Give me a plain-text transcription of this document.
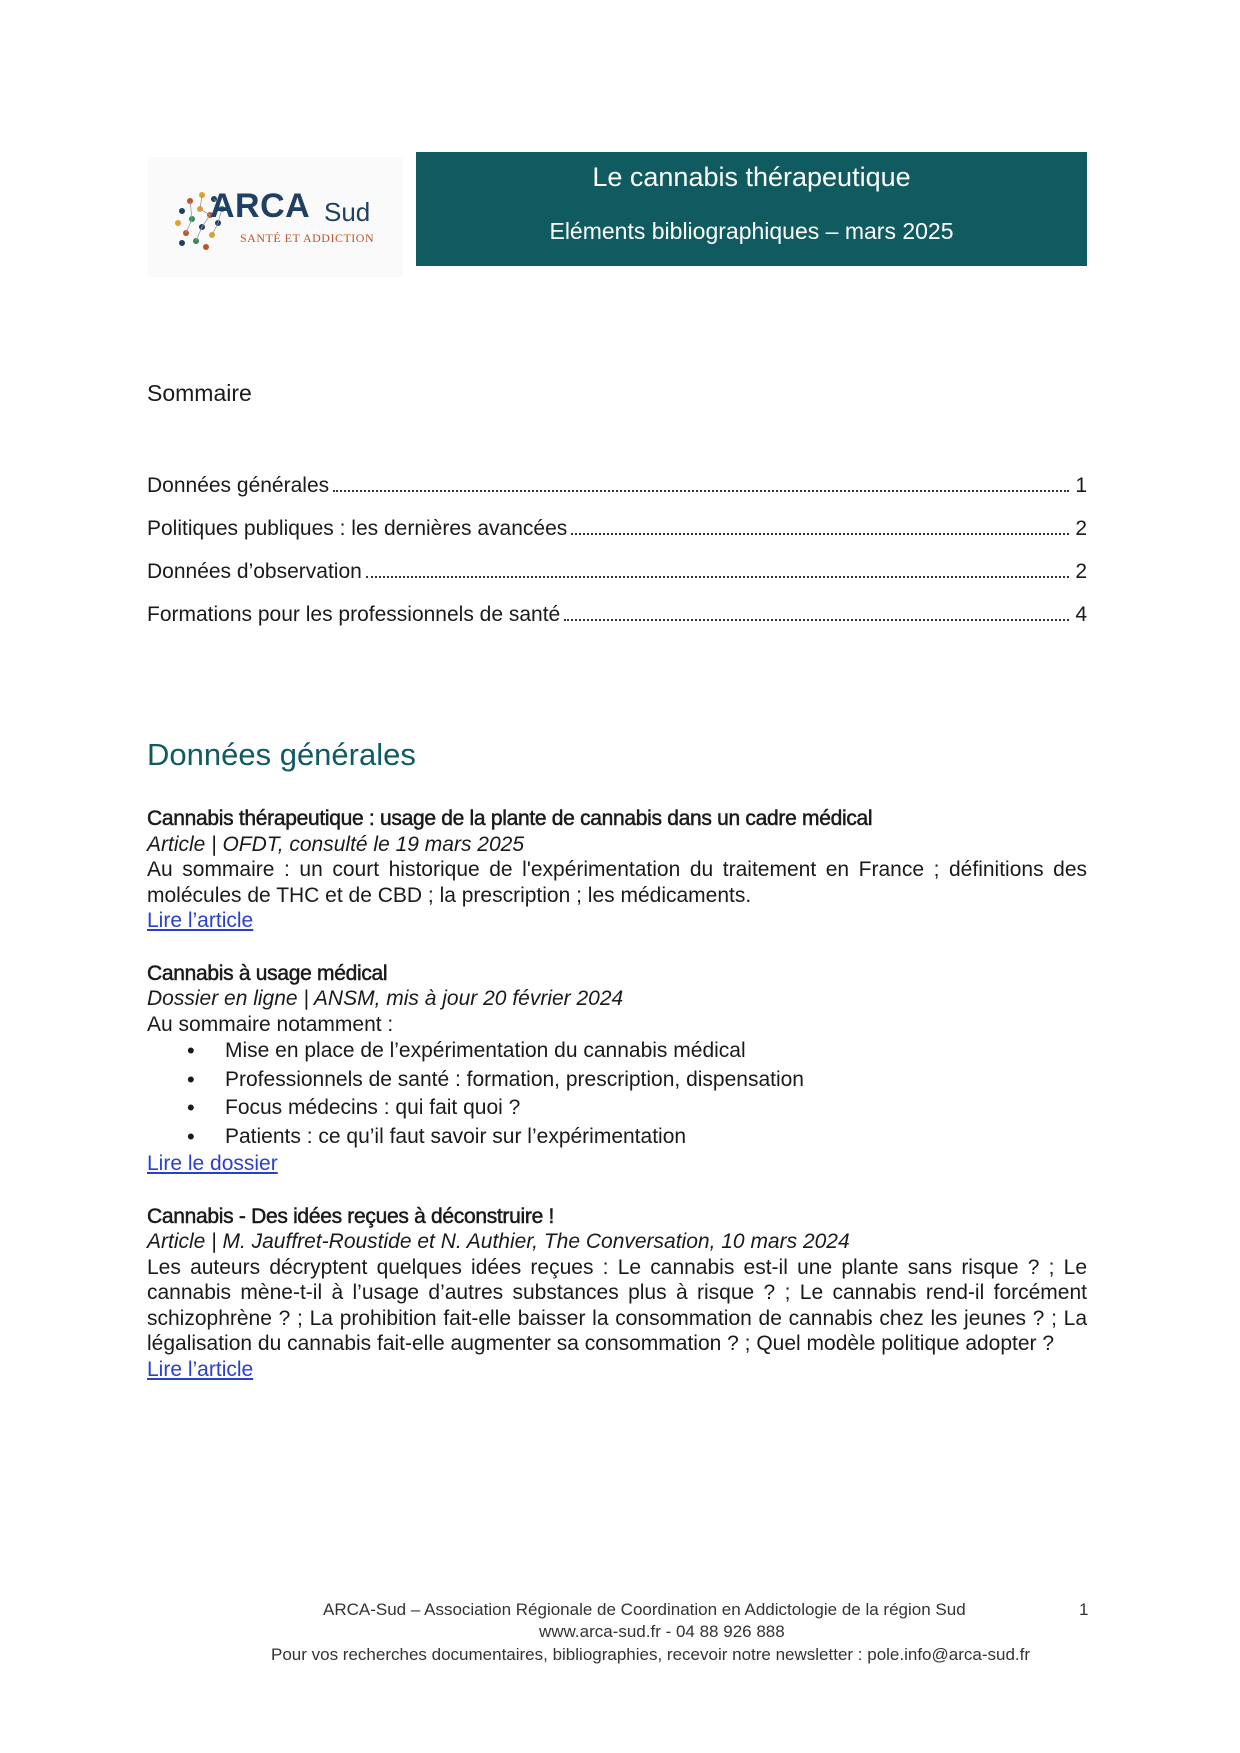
ARCA Sud
SANTÉ ET ADDICTION
Le cannabis thérapeutique
Eléments bibliographiques – mars 2025
Sommaire
Données générales	1
Politiques publiques : les dernières avancées	2
Données d’observation	2
Formations pour les professionnels de santé	4
Données générales
Cannabis thérapeutique : usage de la plante de cannabis dans un cadre médical
Article | OFDT, consulté le 19 mars 2025
Au sommaire : un court historique de l'expérimentation du traitement en France ; définitions des molécules de THC et de CBD ; la prescription ; les médicaments.
Lire l’article
Cannabis à usage médical
Dossier en ligne | ANSM, mis à jour 20 février 2024
Au sommaire notamment :
• Mise en place de l’expérimentation du cannabis médical
• Professionnels de santé : formation, prescription, dispensation
• Focus médecins : qui fait quoi ?
• Patients : ce qu’il faut savoir sur l’expérimentation
Lire le dossier
Cannabis - Des idées reçues à déconstruire !
Article | M. Jauffret-Roustide et N. Authier, The Conversation, 10 mars 2024
Les auteurs décryptent quelques idées reçues : Le cannabis est-il une plante sans risque ? ; Le cannabis mène-t-il à l’usage d’autres substances plus à risque ? ; Le cannabis rend-il forcément schizophrène ? ; La prohibition fait-elle baisser la consommation de cannabis chez les jeunes ? ; La légalisation du cannabis fait-elle augmenter sa consommation ? ; Quel modèle politique adopter ?
Lire l’article
ARCA-Sud – Association Régionale de Coordination en Addictologie de la région Sud	1
www.arca-sud.fr - 04 88 926 888
Pour vos recherches documentaires, bibliographies, recevoir notre newsletter : pole.info@arca-sud.fr
